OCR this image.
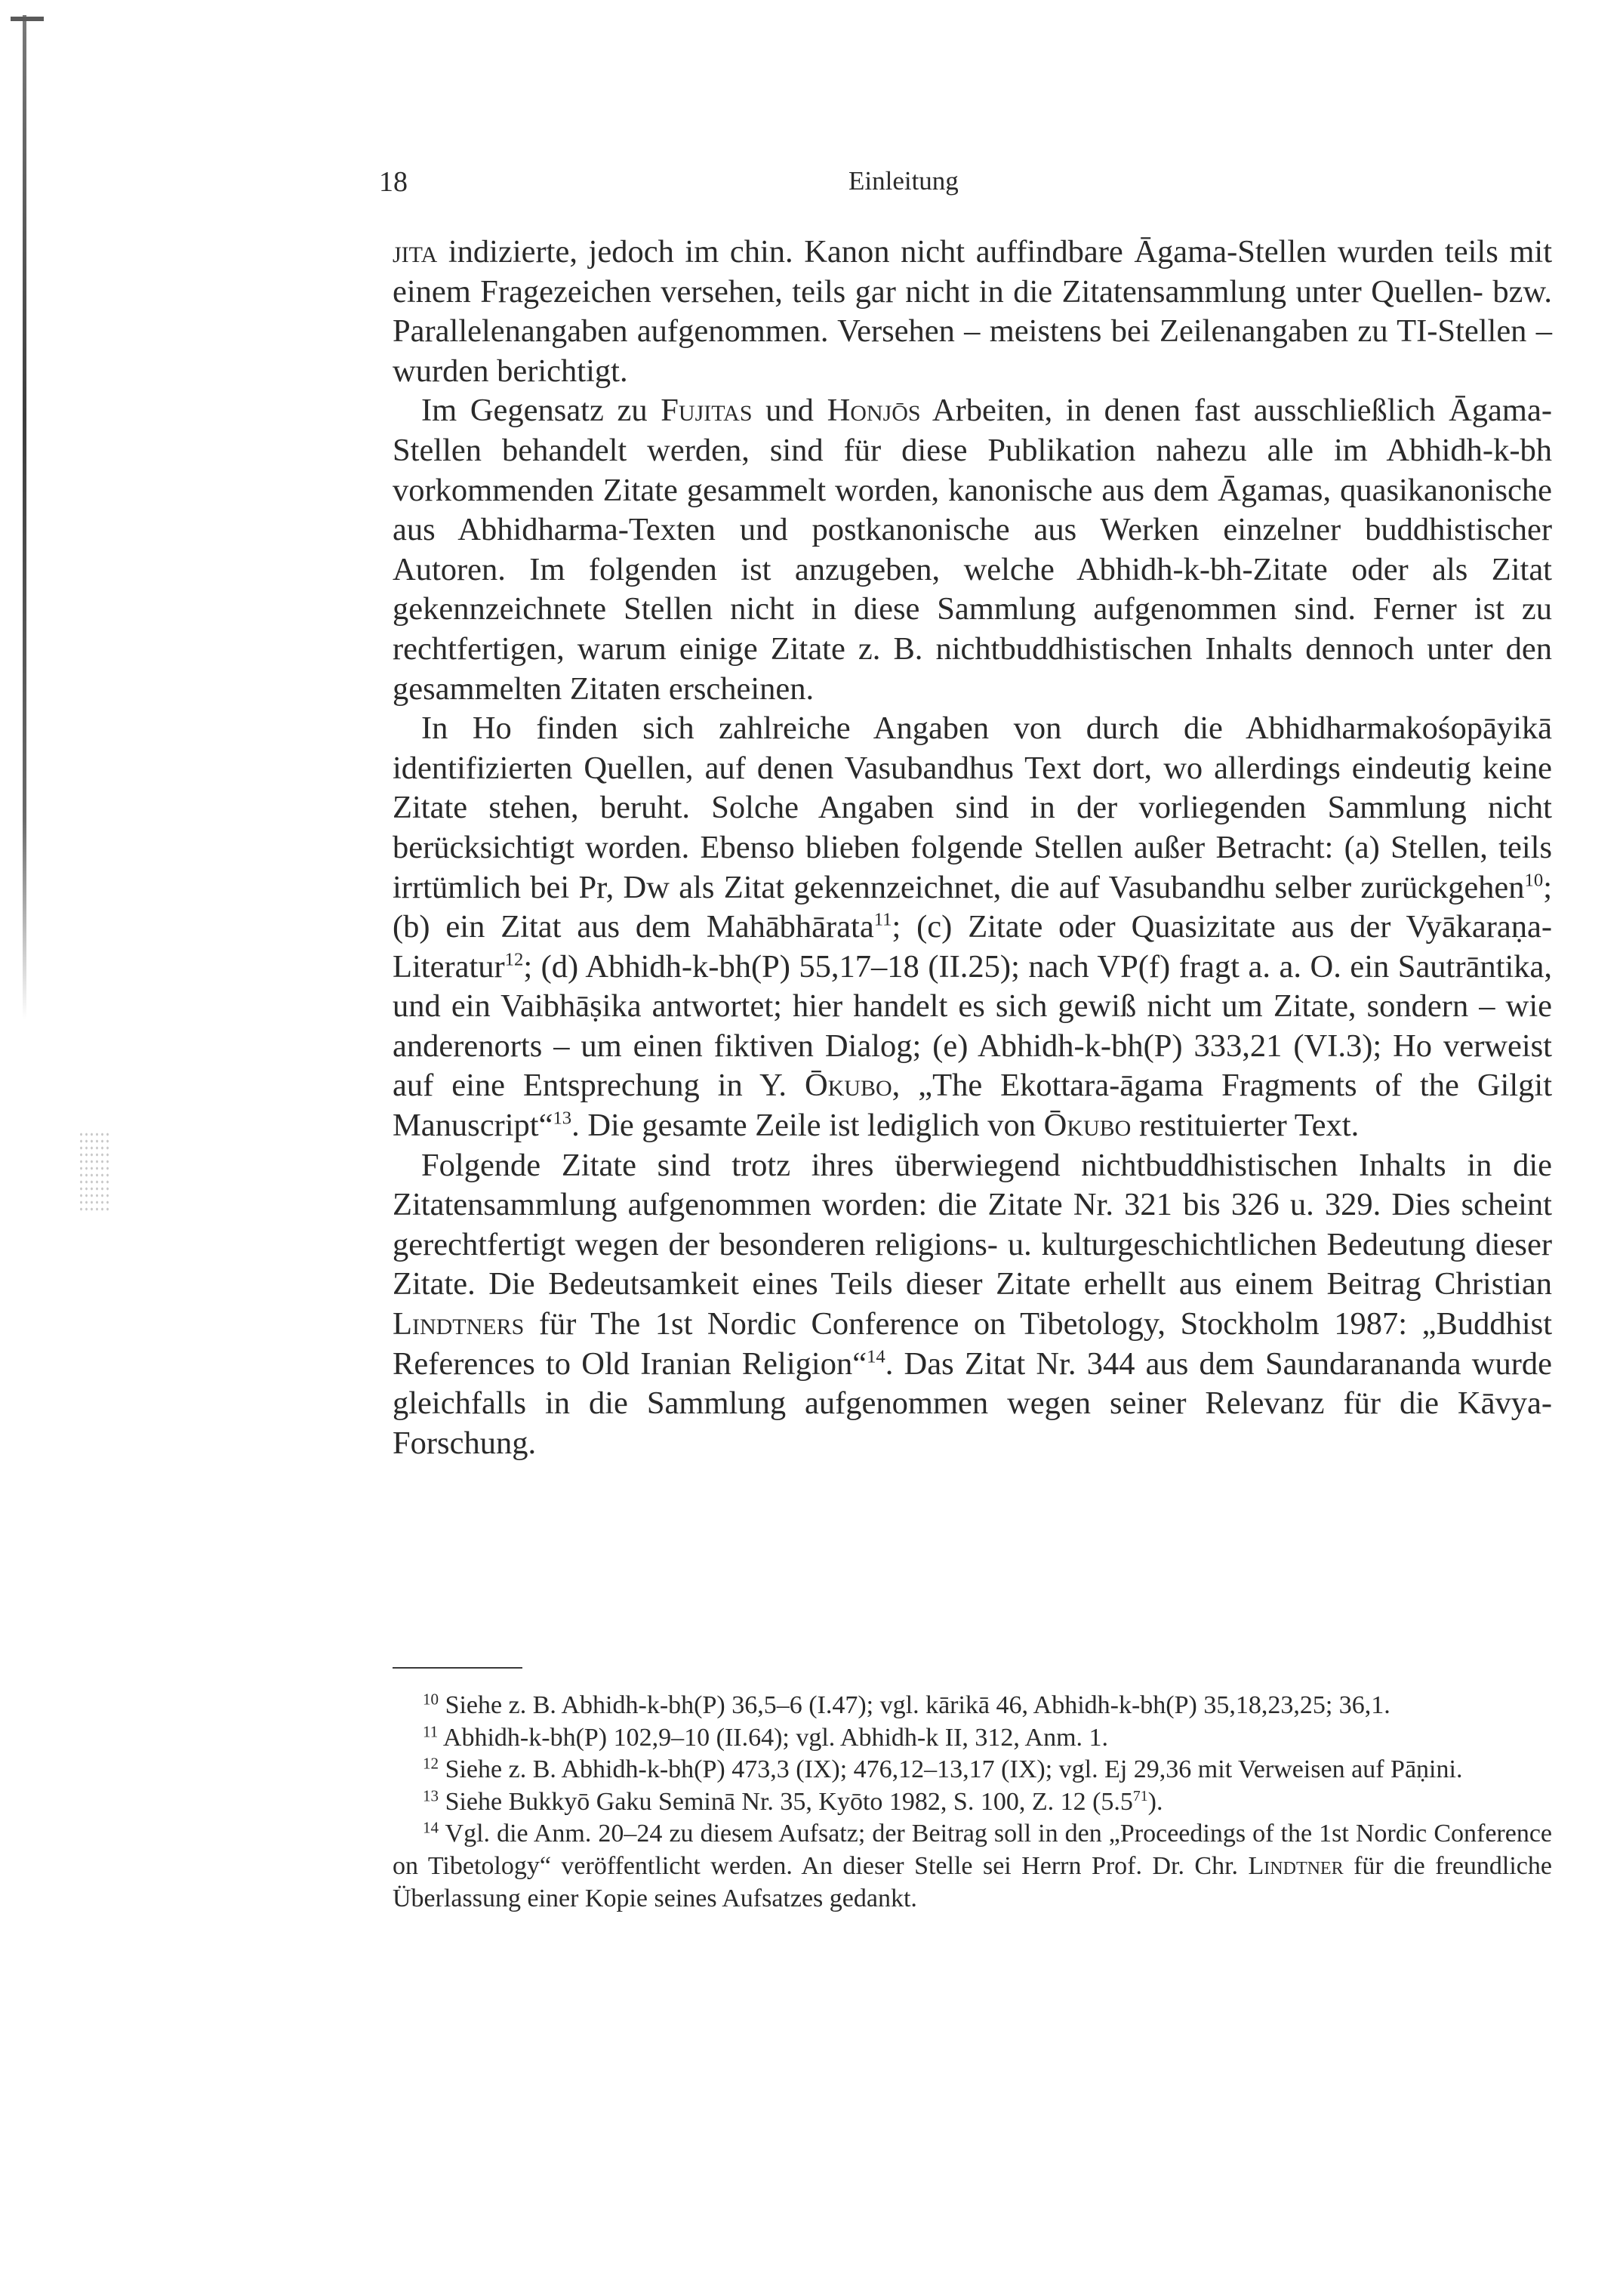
18	Einleitung

jita indizierte, jedoch im chin. Kanon nicht auffindbare Āgama-Stellen wurden teils mit einem Fragezeichen versehen, teils gar nicht in die Zitatensammlung unter Quellen- bzw. Parallelenangaben aufgenommen. Versehen – meistens bei Zeilenangaben zu TI-Stellen – wurden berichtigt.

Im Gegensatz zu Fujitas und Honjōs Arbeiten, in denen fast ausschließlich Āgama-Stellen behandelt werden, sind für diese Publikation nahezu alle im Abhidh-k-bh vorkommenden Zitate gesammelt worden, kanonische aus dem Āgamas, quasikanonische aus Abhidharma-Texten und postkanonische aus Werken einzelner buddhistischer Autoren. Im folgenden ist anzugeben, welche Abhidh-k-bh-Zitate oder als Zitat gekennzeichnete Stellen nicht in diese Sammlung aufgenommen sind. Ferner ist zu rechtfertigen, warum einige Zitate z. B. nichtbuddhistischen Inhalts dennoch unter den gesammelten Zitaten erscheinen.

In Ho finden sich zahlreiche Angaben von durch die Abhidharmakośopāyikā identifizierten Quellen, auf denen Vasubandhus Text dort, wo allerdings eindeutig keine Zitate stehen, beruht. Solche Angaben sind in der vorliegenden Sammlung nicht berücksichtigt worden. Ebenso blieben folgende Stellen außer Betracht: (a) Stellen, teils irrtümlich bei Pr, Dw als Zitat gekennzeichnet, die auf Vasubandhu selber zurückgehen$^{10}$; (b) ein Zitat aus dem Mahābhārata$^{11}$; (c) Zitate oder Quasizitate aus der Vyākaraṇa-Literatur$^{12}$; (d) Abhidh-k-bh(P) 55,17–18 (II.25); nach VP(f) fragt a. a. O. ein Sautrāntika, und ein Vaibhāṣika antwortet; hier handelt es sich gewiß nicht um Zitate, sondern – wie anderenorts – um einen fiktiven Dialog; (e) Abhidh-k-bh(P) 333,21 (VI.3); Ho verweist auf eine Entsprechung in Y. Ōkubo, „The Ekottara-āgama Fragments of the Gilgit Manuscript“$^{13}$. Die gesamte Zeile ist lediglich von Ōkubo restituierter Text.

Folgende Zitate sind trotz ihres überwiegend nichtbuddhistischen Inhalts in die Zitatensammlung aufgenommen worden: die Zitate Nr. 321 bis 326 u. 329. Dies scheint gerechtfertigt wegen der besonderen religions- u. kulturgeschichtlichen Bedeutung dieser Zitate. Die Bedeutsamkeit eines Teils dieser Zitate erhellt aus einem Beitrag Christian Lindtners für The 1st Nordic Conference on Tibetology, Stockholm 1987: „Buddhist References to Old Iranian Religion“$^{14}$. Das Zitat Nr. 344 aus dem Saundarananda wurde gleichfalls in die Sammlung aufgenommen wegen seiner Relevanz für die Kāvya-Forschung.

$^{10}$ Siehe z. B. Abhidh-k-bh(P) 36,5–6 (I.47); vgl. kārikā 46, Abhidh-k-bh(P) 35,18,23,25; 36,1.

$^{11}$ Abhidh-k-bh(P) 102,9–10 (II.64); vgl. Abhidh-k II, 312, Anm. 1.

$^{12}$ Siehe z. B. Abhidh-k-bh(P) 473,3 (IX); 476,12–13,17 (IX); vgl. Ej 29,36 mit Verweisen auf Pāṇini.

$^{13}$ Siehe Bukkyō Gaku Seminā Nr. 35, Kyōto 1982, S. 100, Z. 12 $(5.5^{71})$.

$^{14}$ Vgl. die Anm. 20–24 zu diesem Aufsatz; der Beitrag soll in den „Proceedings of the 1st Nordic Conference on Tibetology“ veröffentlicht werden. An dieser Stelle sei Herrn Prof. Dr. Chr. Lindtner für die freundliche Überlassung einer Kopie seines Aufsatzes gedankt.
